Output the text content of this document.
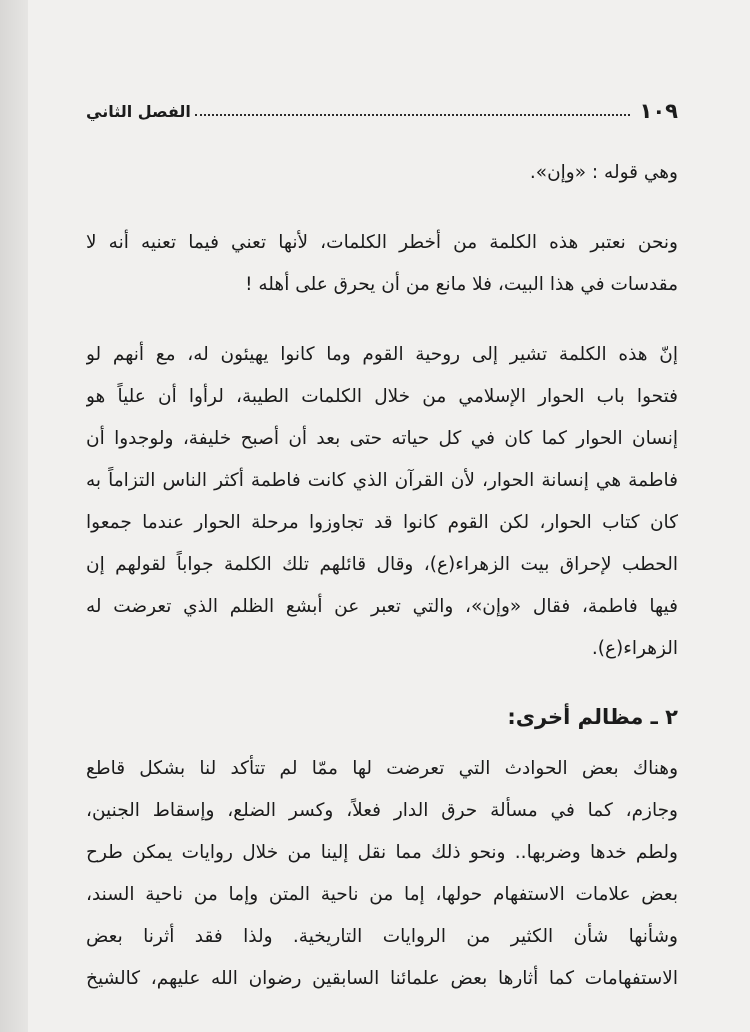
١٠٩
الفصل الثاني
وهي قوله : «وإن».
ونحن نعتبر هذه الكلمة من أخطر الكلمات، لأنها تعني فيما تعنيه أنه لا
مقدسات في هذا البيت، فلا مانع من أن يحرق على أهله !
إنّ هذه الكلمة تشير إلى روحية القوم وما كانوا يهيئون له، مع أنهم لو
فتحوا باب الحوار الإسلامي من خلال الكلمات الطيبة، لرأوا أن علياً هو
إنسان الحوار كما كان في كل حياته حتى بعد أن أصبح خليفة، ولوجدوا أن
فاطمة هي إنسانة الحوار، لأن القرآن الذي كانت فاطمة أكثر الناس التزاماً به
كان كتاب الحوار، لكن القوم كانوا قد تجاوزوا مرحلة الحوار عندما جمعوا
الحطب لإحراق بيت الزهراء(ع)، وقال قائلهم تلك الكلمة جواباً لقولهم إن
فيها فاطمة، فقال «وإن»، والتي تعبر عن أبشع الظلم الذي تعرضت له
الزهراء(ع).
٢ ـ مظالم أخرى:
وهناك بعض الحوادث التي تعرضت لها ممّا لم تتأكد لنا بشكل قاطع
وجازم، كما في مسألة حرق الدار فعلاً، وكسر الضلع، وإسقاط الجنين،
ولطم خدها وضربها.. ونحو ذلك مما نقل إلينا من خلال روايات يمكن طرح
بعض علامات الاستفهام حولها، إما من ناحية المتن وإما من ناحية السند،
وشأنها شأن الكثير من الروايات التاريخية. ولذا فقد أثرنا بعض
الاستفهامات كما أثارها بعض علمائنا السابقين رضوان الله عليهم، كالشيخ
